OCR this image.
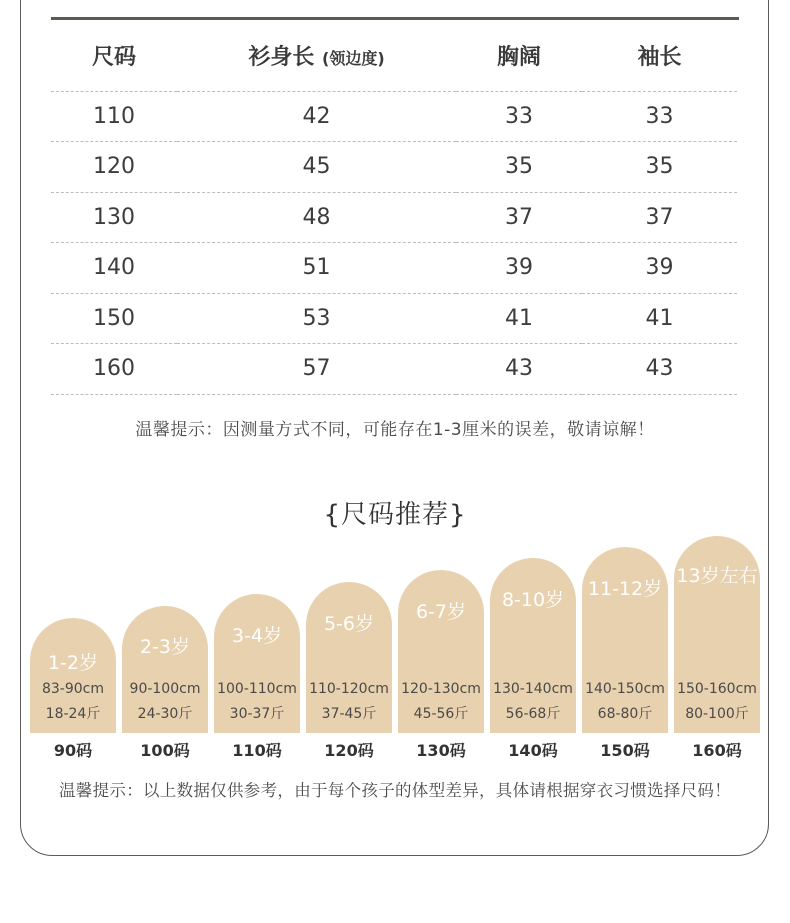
尺码	衫身长 (领边度)	胸阔	袖长
110	42	33	33
120	45	35	35
130	48	37	37
140	51	39	39
150	53	41	41
160	57	43	43
温馨提示：因测量方式不同，可能存在1-3厘米的误差，敬请谅解！
{尺码推荐}
1-2岁
83-90cm
18-24斤
2-3岁
90-100cm
24-30斤
3-4岁
100-110cm
30-37斤
5-6岁
110-120cm
37-45斤
6-7岁
120-130cm
45-56斤
8-10岁
130-140cm
56-68斤
11-12岁
140-150cm
68-80斤
13岁左右
150-160cm
80-100斤
90码	100码	110码	120码	130码	140码	150码	160码
温馨提示：以上数据仅供参考，由于每个孩子的体型差异，具体请根据穿衣习惯选择尺码！
